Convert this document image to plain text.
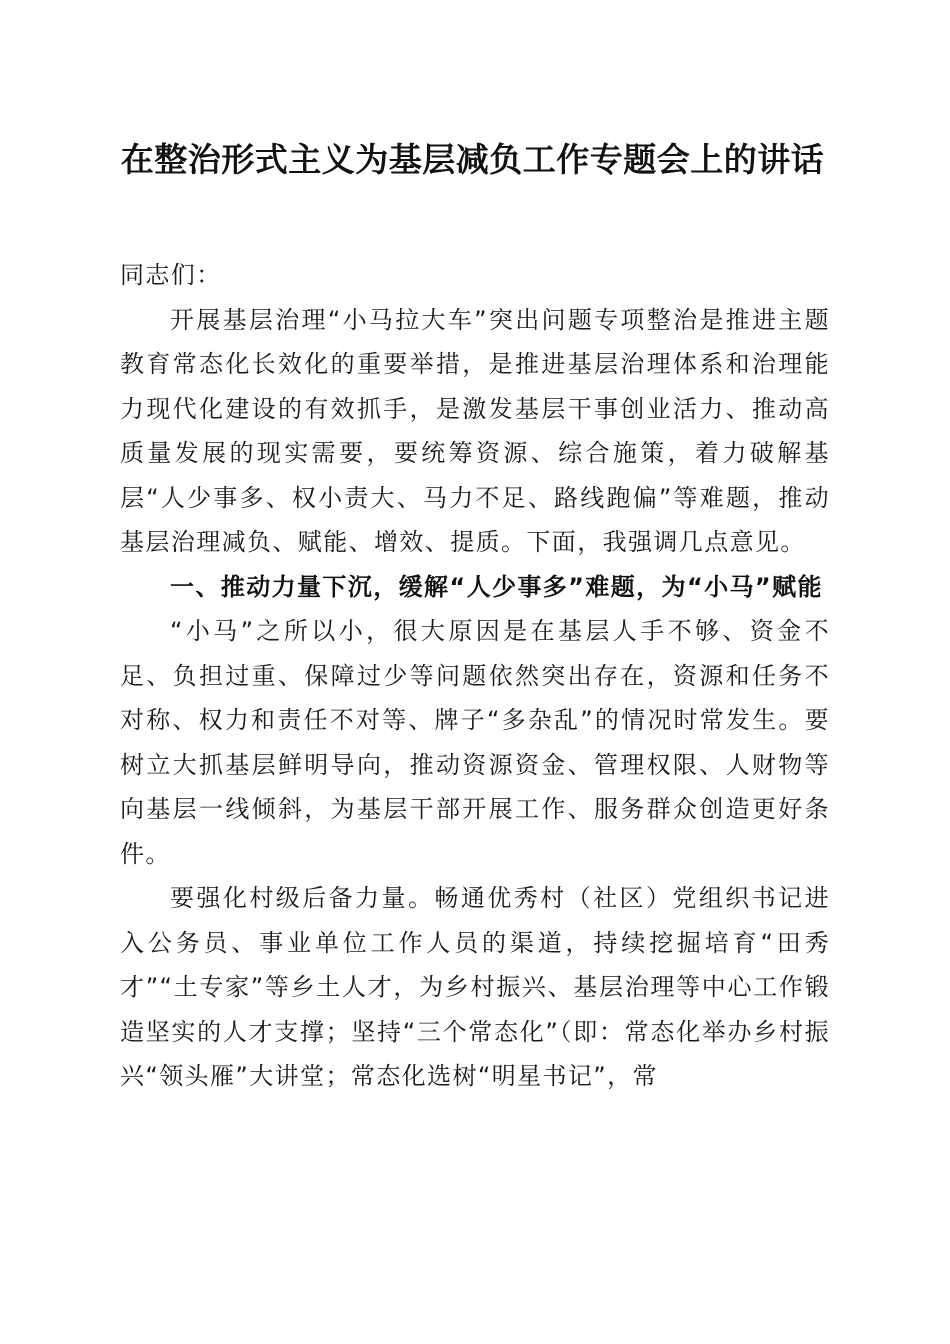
在整治形式主义为基层减负工作专题会上的讲话

同志们：

开展基层治理“小马拉大车”突出问题专项整治是推进主题教育常态化长效化的重要举措，是推进基层治理体系和治理能力现代化建设的有效抓手，是激发基层干事创业活力、推动高质量发展的现实需要，要统筹资源、综合施策，着力破解基层“人少事多、权小责大、马力不足、路线跑偏”等难题，推动基层治理减负、赋能、增效、提质。下面，我强调几点意见。

一、推动力量下沉，缓解“人少事多”难题，为“小马”赋能

“小马”之所以小，很大原因是在基层人手不够、资金不足、负担过重、保障过少等问题依然突出存在，资源和任务不对称、权力和责任不对等、牌子“多杂乱”的情况时常发生。要树立大抓基层鲜明导向，推动资源资金、管理权限、人财物等向基层一线倾斜，为基层干部开展工作、服务群众创造更好条件。

要强化村级后备力量。畅通优秀村（社区）党组织书记进入公务员、事业单位工作人员的渠道，持续挖掘培育“田秀才”“土专家”等乡土人才，为乡村振兴、基层治理等中心工作锻造坚实的人才支撑；坚持“三个常态化”（即：常态化举办乡村振兴“领头雁”大讲堂；常态化选树“明星书记”，常
